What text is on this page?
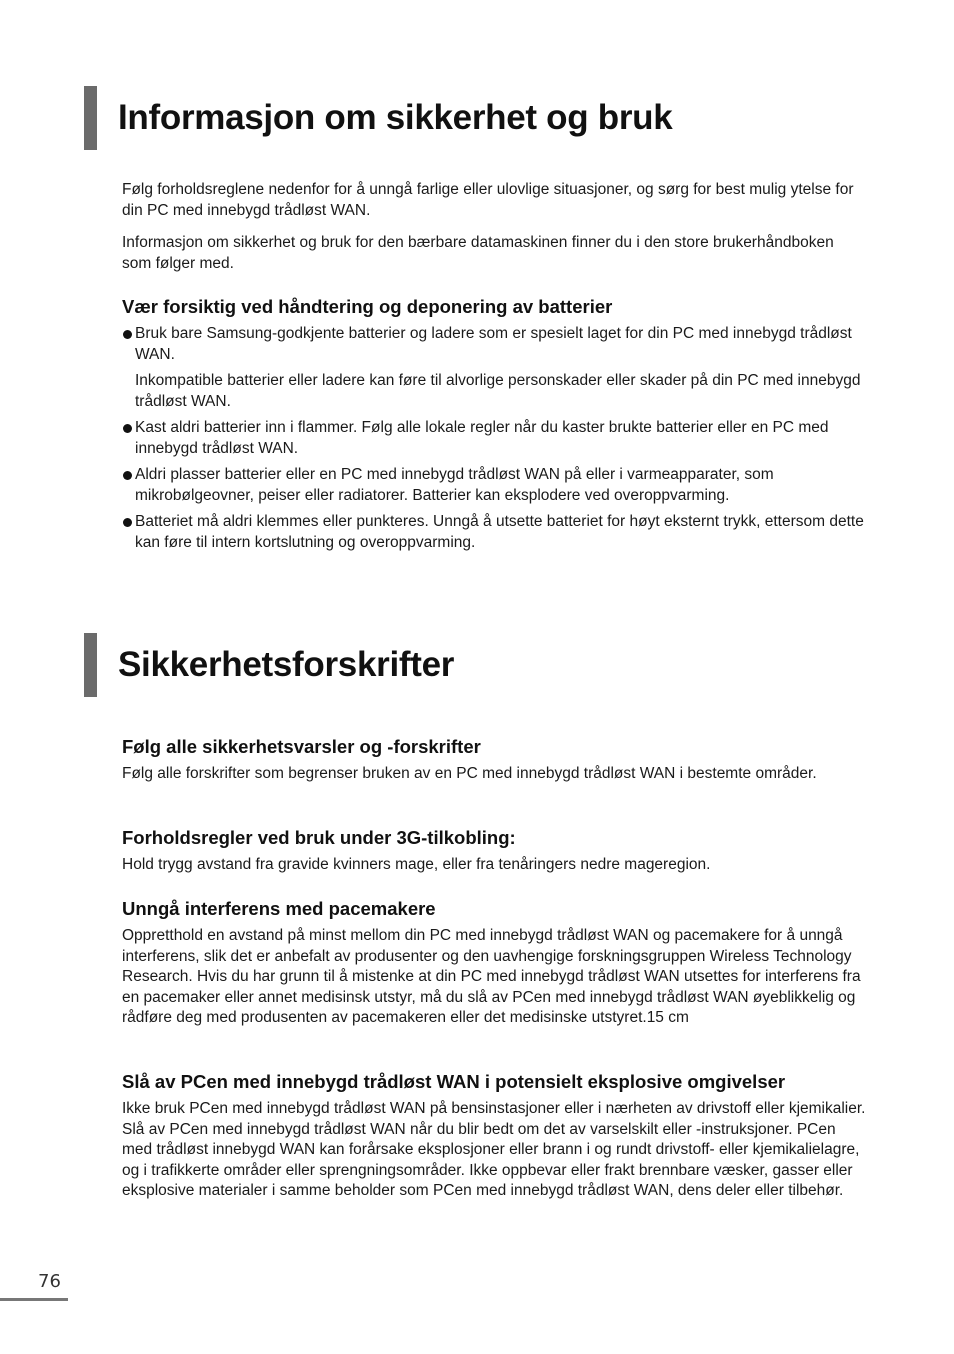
Informasjon om sikkerhet og bruk

Følg forholdsreglene nedenfor for å unngå farlige eller ulovlige situasjoner, og sørg for best mulig ytelse for din PC med innebygd trådløst WAN.

Informasjon om sikkerhet og bruk for den bærbare datamaskinen finner du i den store brukerhåndboken som følger med.

Vær forsiktig ved håndtering og deponering av batterier
Bruk bare Samsung-godkjente batterier og ladere som er spesielt laget for din PC med innebygd trådløst WAN.
Inkompatible batterier eller ladere kan føre til alvorlige personskader eller skader på din PC med innebygd trådløst WAN.
Kast aldri batterier inn i flammer. Følg alle lokale regler når du kaster brukte batterier eller en PC med innebygd trådløst WAN.
Aldri plasser batterier eller en PC med innebygd trådløst WAN på eller i varmeapparater, som mikrobølgeovner, peiser eller radiatorer. Batterier kan eksplodere ved overoppvarming.
Batteriet må aldri klemmes eller punkteres. Unngå å utsette batteriet for høyt eksternt trykk, ettersom dette kan føre til intern kortslutning og overoppvarming.
Sikkerhetsforskrifter
Følg alle sikkerhetsvarsler og -forskrifter

Følg alle forskrifter som begrenser bruken av en PC med innebygd trådløst WAN i bestemte områder.

Forholdsregler ved bruk under 3G-tilkobling:

Hold trygg avstand fra gravide kvinners mage, eller fra tenåringers nedre mageregion.

Unngå interferens med pacemakere

Oppretthold en avstand på minst mellom din PC med innebygd trådløst WAN og pacemakere for å unngå interferens, slik det er anbefalt av produsenter og den uavhengige forskningsgruppen Wireless Technology Research. Hvis du har grunn til å mistenke at din PC med innebygd trådløst WAN utsettes for interferens fra en pacemaker eller annet medisinsk utstyr, må du slå av PCen med innebygd trådløst WAN øyeblikkelig og rådføre deg med produsenten av pacemakeren eller det medisinske utstyret.15 cm

Slå av PCen med innebygd trådløst WAN i potensielt eksplosive omgivelser

Ikke bruk PCen med innebygd trådløst WAN på bensinstasjoner eller i nærheten av drivstoff eller kjemikalier. Slå av PCen med innebygd trådløst WAN når du blir bedt om det av varselskilt eller -instruksjoner. PCen med trådløst innebygd WAN kan forårsake eksplosjoner eller brann i og rundt drivstoff- eller kjemikalielagre, og i trafikkerte områder eller sprengningsområder. Ikke oppbevar eller frakt brennbare væsker, gasser eller eksplosive materialer i samme beholder som PCen med innebygd trådløst WAN, dens deler eller tilbehør.

76
